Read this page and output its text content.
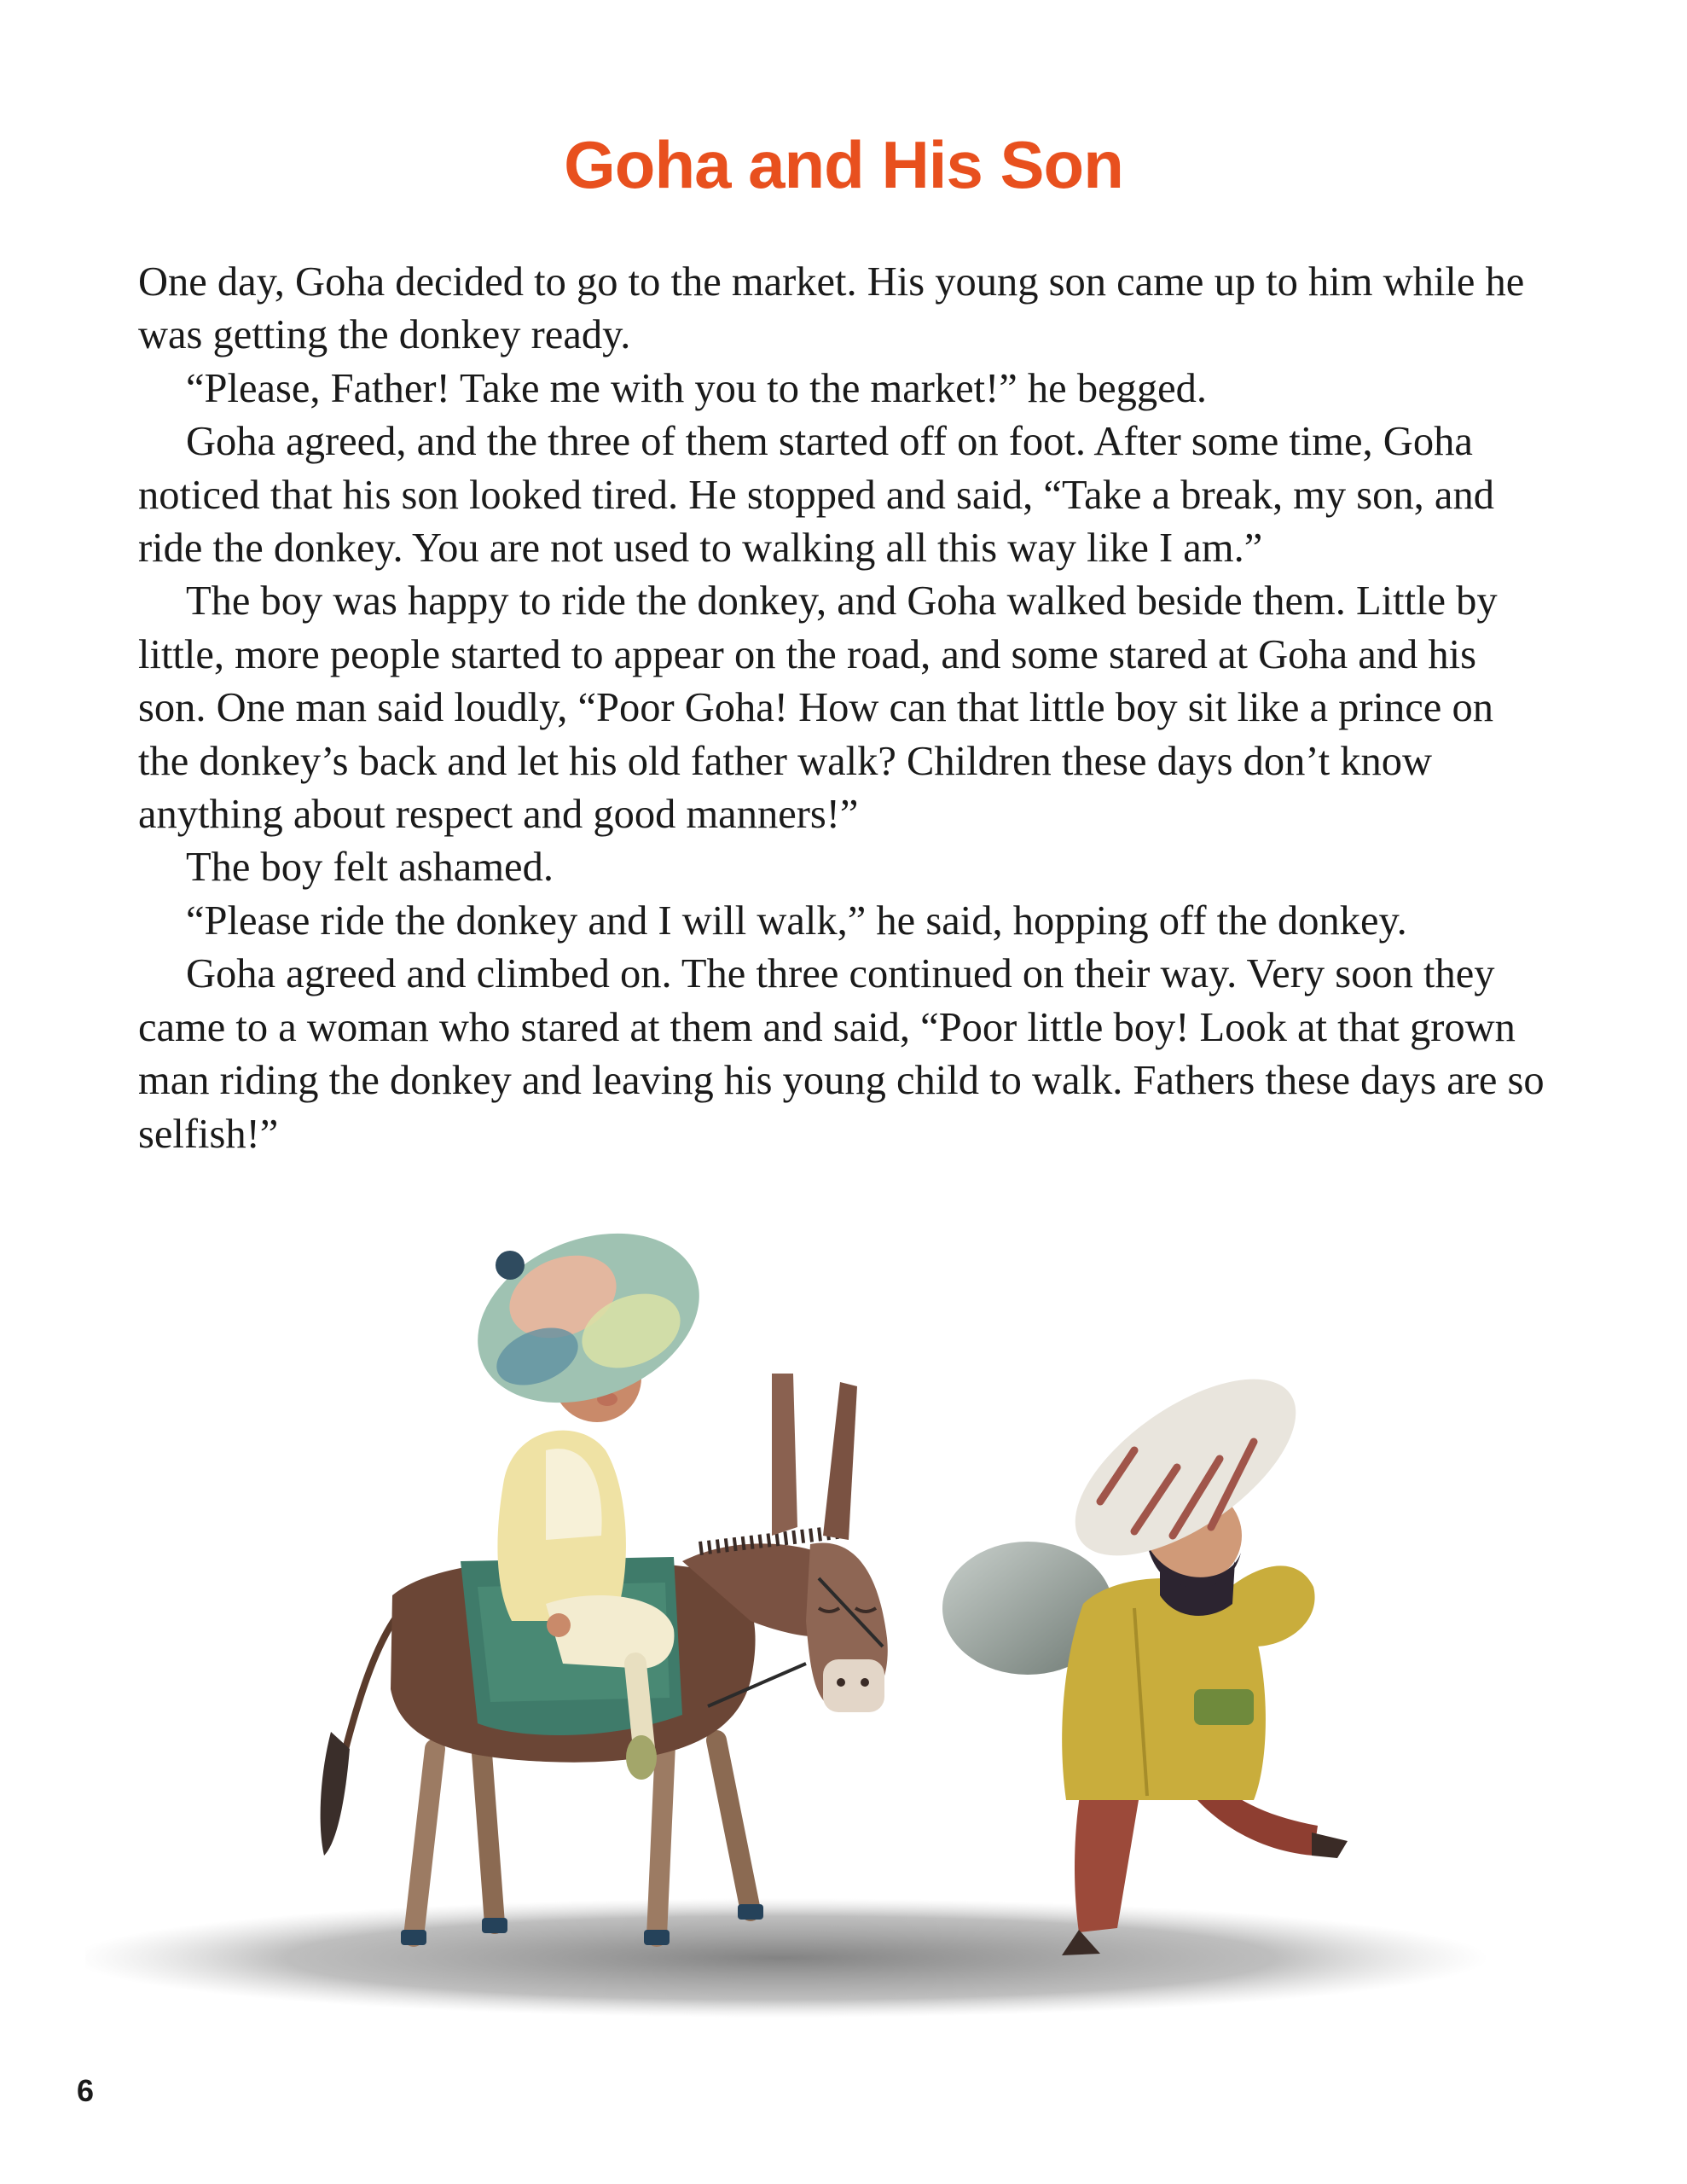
Goha and His Son

One day, Goha decided to go to the market. His young son came up to him while he was getting the donkey ready.

“Please, Father! Take me with you to the market!” he begged.

Goha agreed, and the three of them started off on foot. After some time, Goha noticed that his son looked tired. He stopped and said, “Take a break, my son, and ride the donkey. You are not used to walking all this way like I am.”

The boy was happy to ride the donkey, and Goha walked beside them. Little by little, more people started to appear on the road, and some stared at Goha and his son. One man said loudly, “Poor Goha! How can that little boy sit like a prince on the donkey’s back and let his old father walk? Children these days don’t know anything about respect and good manners!”

The boy felt ashamed.

“Please ride the donkey and I will walk,” he said, hopping off the donkey.

Goha agreed and climbed on. The three continued on their way. Very soon they came to a woman who stared at them and said, “Poor little boy! Look at that grown man riding the donkey and leaving his young child to walk. Fathers these days are so selfish!”

6
